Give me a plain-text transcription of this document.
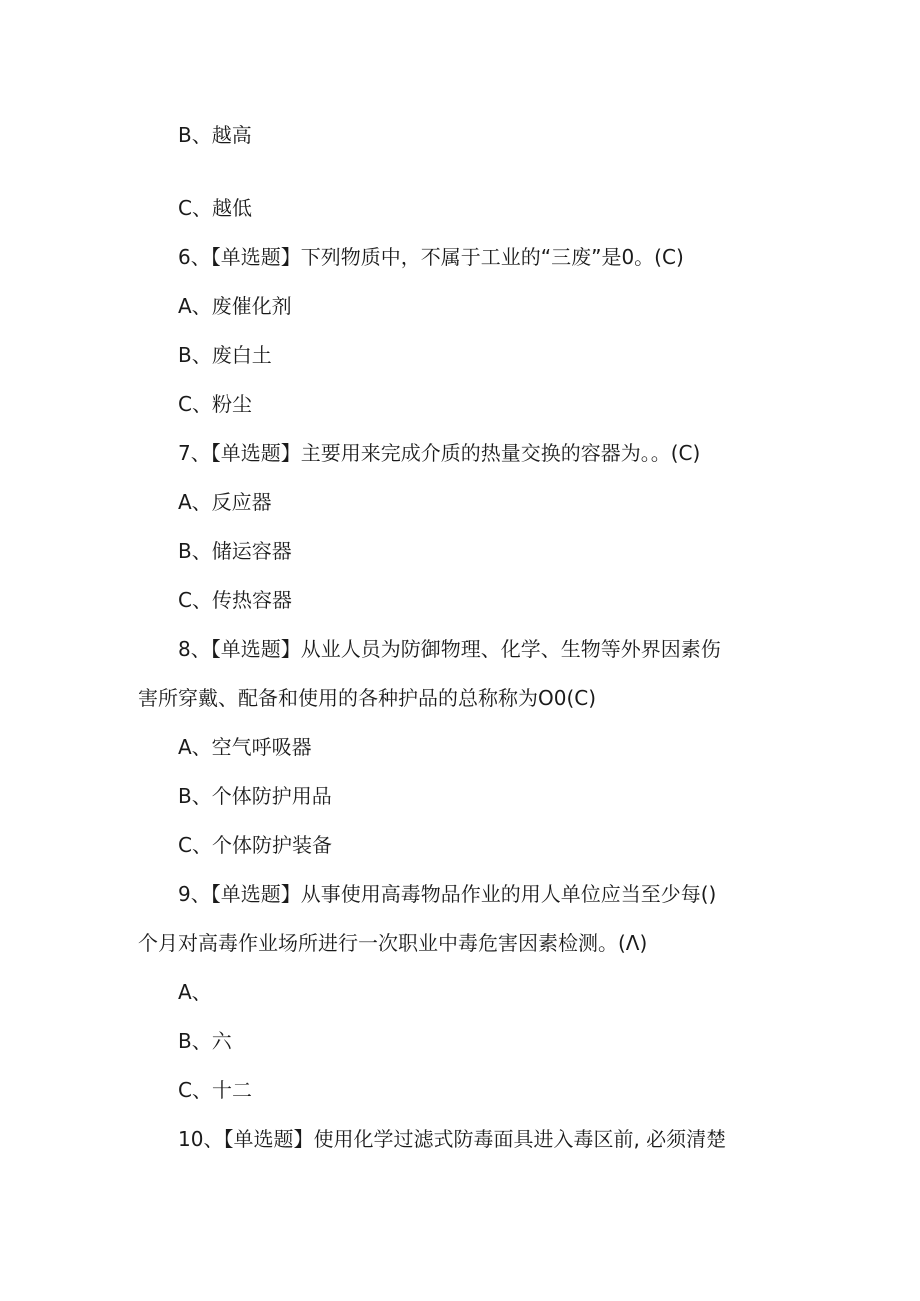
B、越高
C、越低
6、【单选题】下列物质中，不属于工业的“三废”是0。(C)
A、废催化剂
B、废白土
C、粉尘
7、【单选题】主要用来完成介质的热量交换的容器为。。(C)
A、反应器
B、储运容器
C、传热容器
8、【单选题】从业人员为防御物理、化学、生物等外界因素伤
害所穿戴、配备和使用的各种护品的总称称为O0(C)
A、空气呼吸器
B、个体防护用品
C、个体防护装备
9、【单选题】从事使用高毒物品作业的用人单位应当至少每()
个月对高毒作业场所进行一次职业中毒危害因素检测。(Λ)
A、
B、六
C、十二
10、【单选题】使用化学过滤式防毒面具进入毒区前, 必须清楚
